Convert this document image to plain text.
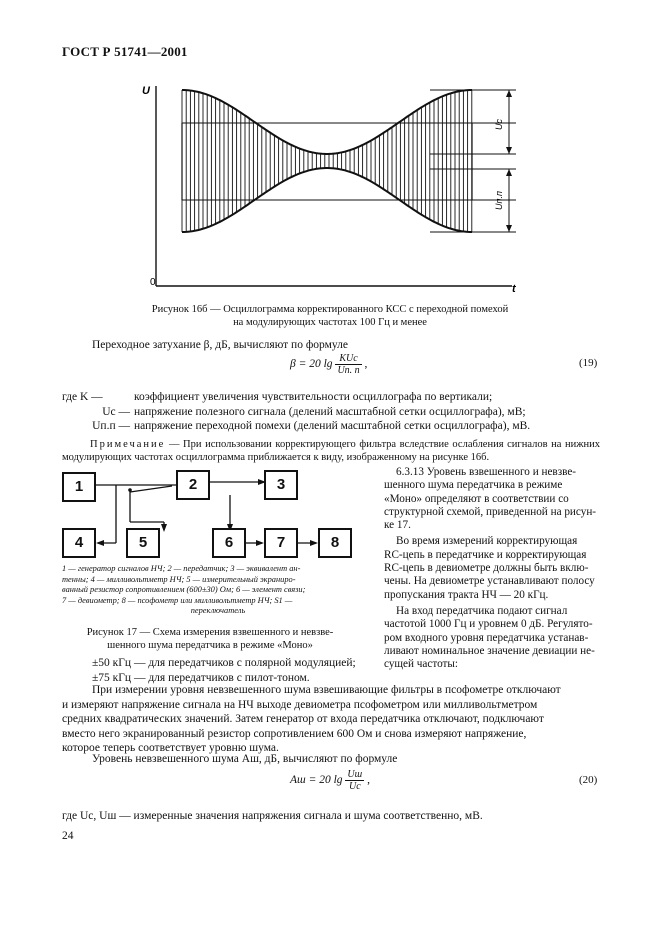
ГОСТ Р 51741—2001
U
t
0
Uс
Uп.п
Рисунок 16б — Осциллограмма корректированного КСС с переходной помехой
на модулирующих частотах 100 Гц и менее
Переходное затухание β, дБ, вычисляют по формуле
β = 20 $\lg \frac{\text{KUс}}{Uп. п}$ ,	(19)
где K —	коэффициент увеличения чувствительности осциллографа по вертикали;
Uс — напряжение полезного сигнала (делений масштабной сетки осциллографа), мВ;
Uп.п — напряжение переходной помехи (делений масштабной сетки осциллографа), мВ.
Примечание — При использовании корректирующего фильтра вследствие ослабления сигналов на нижних модулирующих частотах осциллограмма приближается к виду, изображенному на рисунке 16б.
1	2	3
4	5	6	7	8
1 — генератор сигналов НЧ; 2 — передатчик; 3 — эквивалент ан-
тенны; 4 — милливольтметр НЧ; 5 — измерительный экраниро-
ванный резистор сопротивлением (600±30) Ом; 6 — элемент связи;
7 — девиометр; 8 — псофометр или милливольтметр НЧ; S1 —
переключатель
Рисунок 17 — Схема измерения взвешенного и невзве-
шенного шума передатчика в режиме «Моно»
6.3.13 Уровень взвешенного и невзве-
шенного шума передатчика в режиме
«Моно» определяют в соответствии со
структурной схемой, приведенной на рисун-
ке 17.
Во время измерений корректирующая
RC-цепь в передатчике и корректирующая
RC-цепь в девиометре должны быть вклю-
чены. На девиометре устанавливают полосу
пропускания тракта НЧ — 20 кГц.
На вход передатчика подают сигнал
частотой 1000 Гц и уровнем 0 дБ. Регулято-
ром входного уровня передатчика устанав-
ливают номинальное значение девиации не-
сущей частоты:
±50 кГц — для передатчиков с полярной модуляцией;
±75 кГц — для передатчиков с пилот-тоном.
При измерении уровня невзвешенного шума взвешивающие фильтры в псофометре отключают
и измеряют напряжение сигнала на НЧ выходе девиометра псофометром или милливольтметром
средних квадратических значений. Затем генератор от входа передатчика отключают, подключают
вместо него экранированный резистор сопротивлением 600 Ом и снова измеряют напряжение,
которое теперь соответствует уровню шума.
Уровень невзвешенного шума Aш, дБ, вычисляют по формуле
Aш = 20 $\lg \frac{Uш}{Uс}$ ,	(20)
где Uс, Uш — измеренные значения напряжения сигнала и шума соответственно, мВ.
24
